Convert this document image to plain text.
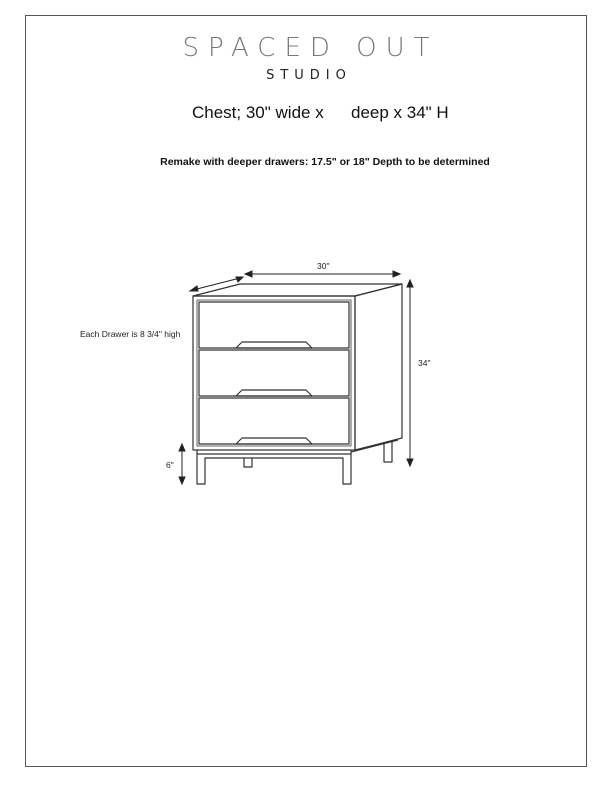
SPACED OUT
STUDIO
Chest; 30" wide x deep x 34" H
Remake with deeper drawers: 17.5" or 18" Depth to be determined
30"
34"
6"
Each Drawer is 8 3/4" high
